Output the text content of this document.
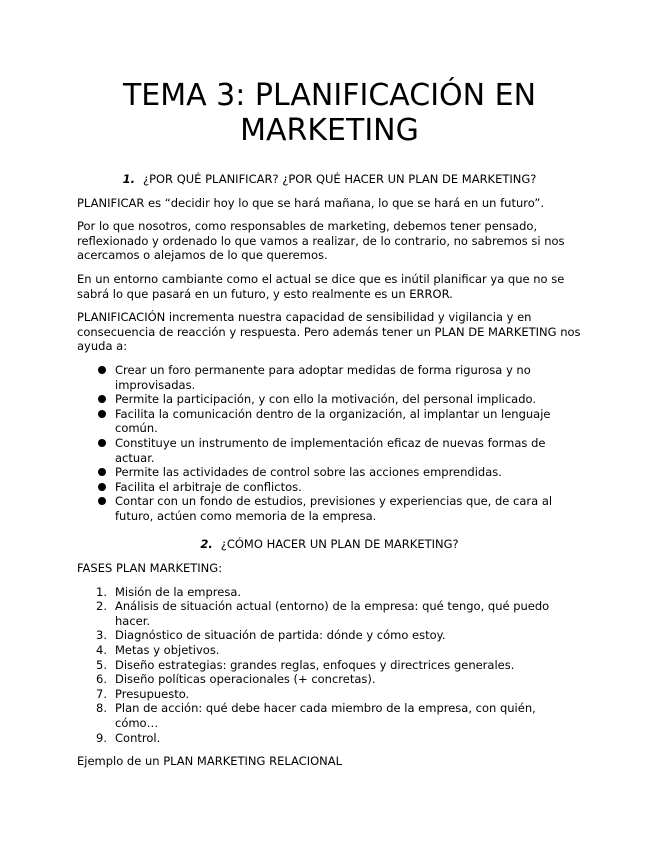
TEMA 3: PLANIFICACIÓN EN MARKETING
1. ¿POR QUÉ PLANIFICAR? ¿POR QUÉ HACER UN PLAN DE MARKETING?

PLANIFICAR es “decidir hoy lo que se hará mañana, lo que se hará en un futuro”.

Por lo que nosotros, como responsables de marketing, debemos tener pensado, reflexionado y ordenado lo que vamos a realizar, de lo contrario, no sabremos si nos acercamos o alejamos de lo que queremos.

En un entorno cambiante como el actual se dice que es inútil planificar ya que no se sabrá lo que pasará en un futuro, y esto realmente es un ERROR.

PLANIFICACIÓN incrementa nuestra capacidad de sensibilidad y vigilancia y en consecuencia de reacción y respuesta. Pero además tener un PLAN DE MARKETING nos ayuda a:

Crear un foro permanente para adoptar medidas de forma rigurosa y no improvisadas.
Permite la participación, y con ello la motivación, del personal implicado.
Facilita la comunicación dentro de la organización, al implantar un lenguaje común.
Constituye un instrumento de implementación eficaz de nuevas formas de actuar.
Permite las actividades de control sobre las acciones emprendidas.
Facilita el arbitraje de conflictos.
Contar con un fondo de estudios, previsiones y experiencias que, de cara al futuro, actúen como memoria de la empresa.
2. ¿CÓMO HACER UN PLAN DE MARKETING?

FASES PLAN MARKETING:

1. Misión de la empresa.
2. Análisis de situación actual (entorno) de la empresa: qué tengo, qué puedo hacer.
3. Diagnóstico de situación de partida: dónde y cómo estoy.
4. Metas y objetivos.
5. Diseño estrategias: grandes reglas, enfoques y directrices generales.
6. Diseño políticas operacionales (+ concretas).
7. Presupuesto.
8. Plan de acción: qué debe hacer cada miembro de la empresa, con quién, cómo…
9. Control.

Ejemplo de un PLAN MARKETING RELACIONAL
